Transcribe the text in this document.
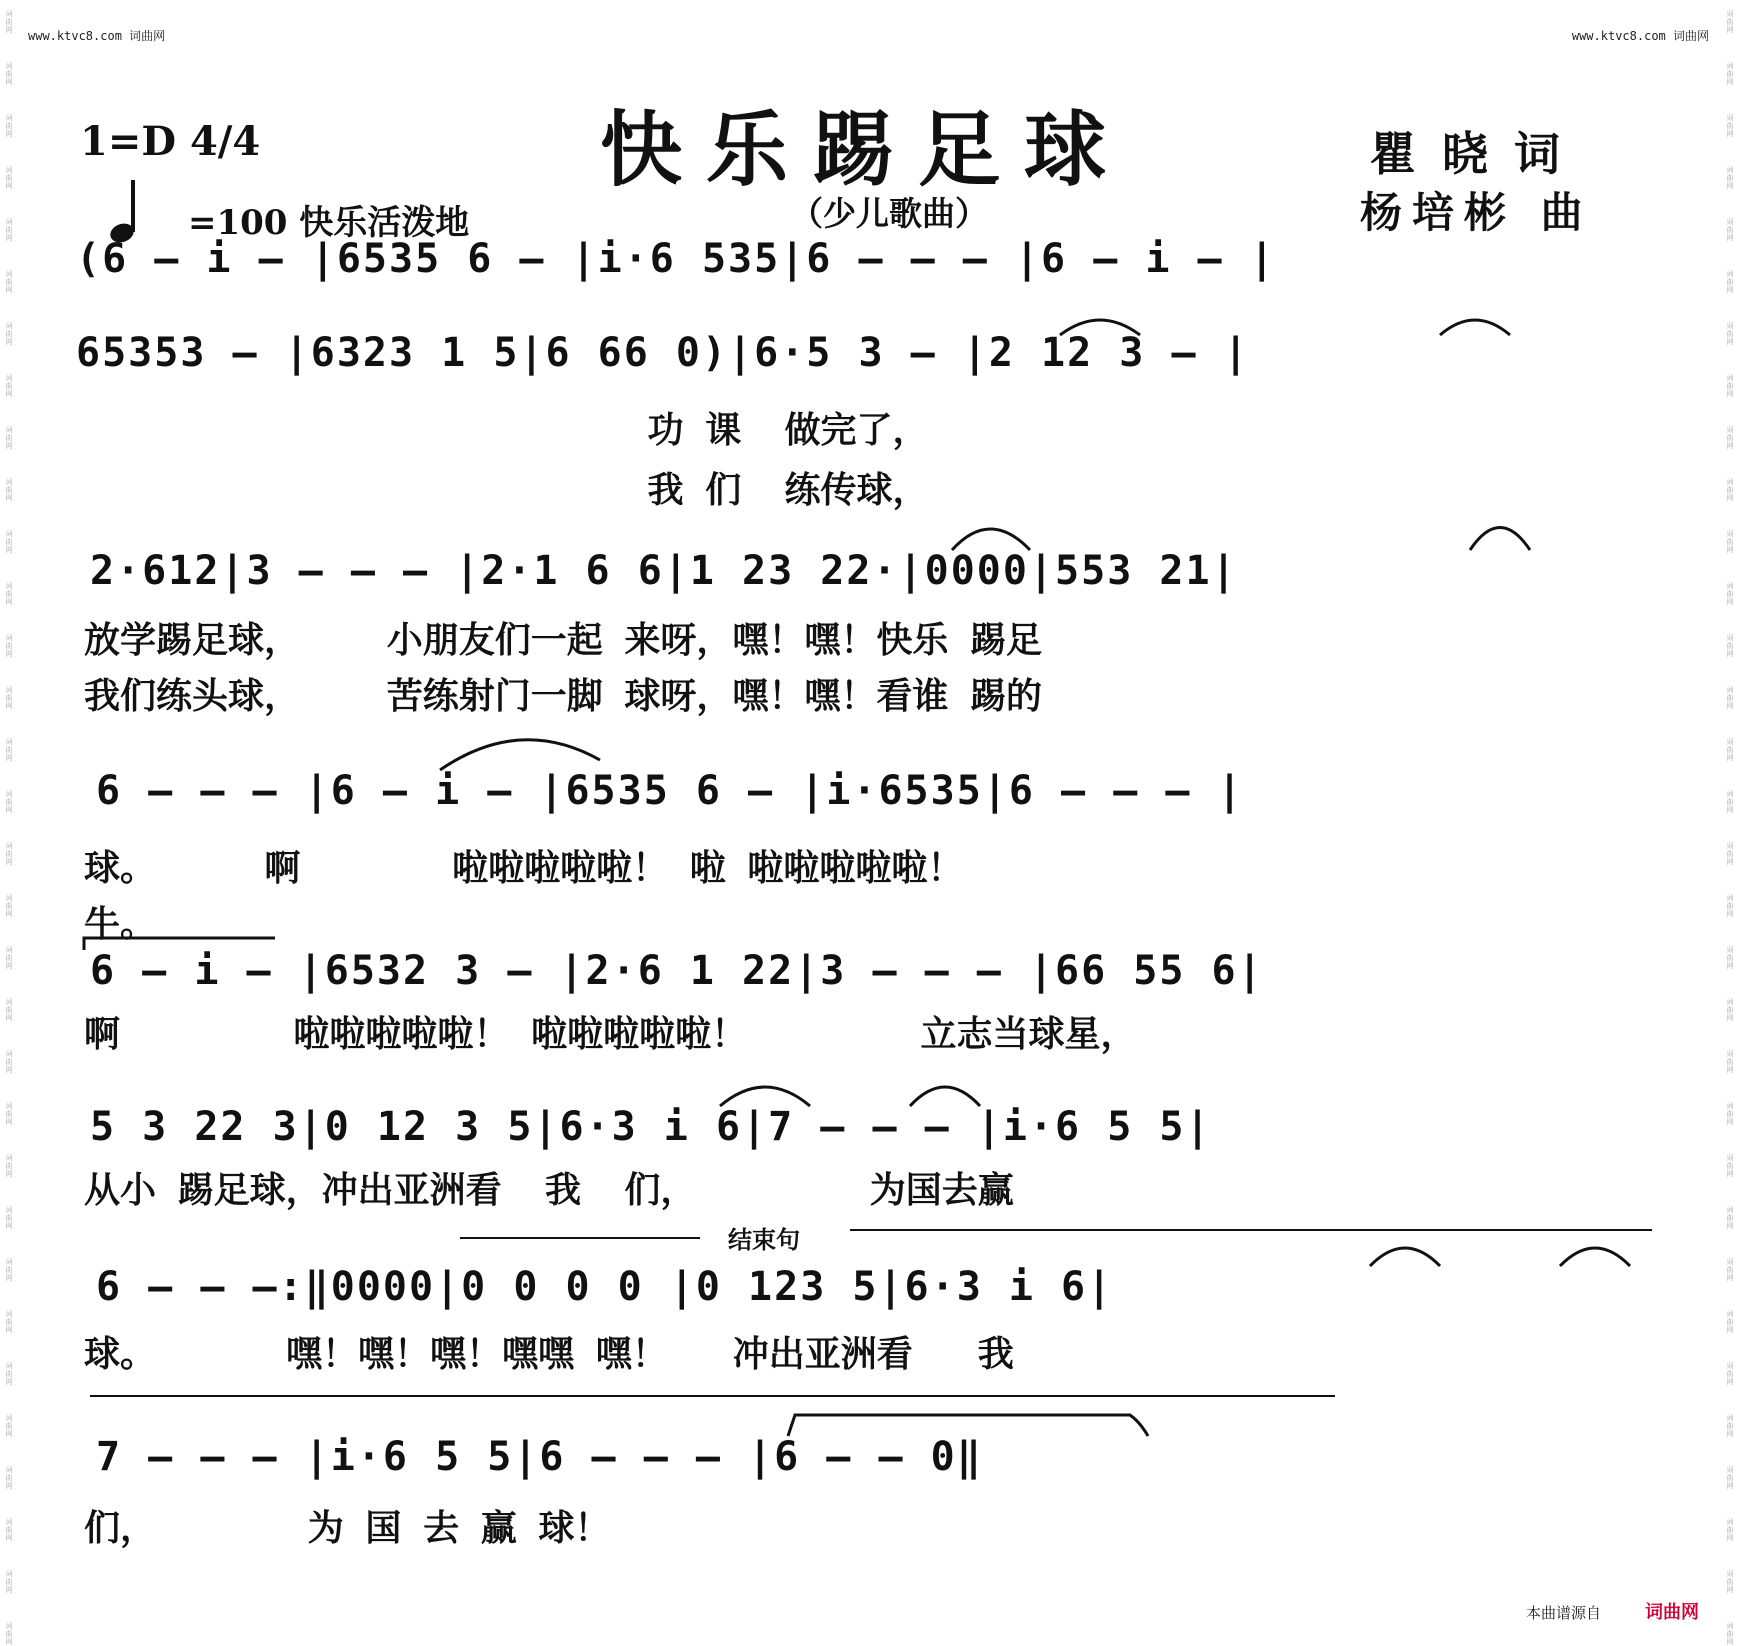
词
曲
网
词
曲
网
词
曲
网
词
曲
网
词
曲
网
词
曲
网
词
曲
网
词
曲
网
词
曲
网
词
曲
网
词
曲
网
词
曲
网
词
曲
网
词
曲
网
词
曲
网
词
曲
网
词
曲
网
词
曲
网
词
曲
网
词
曲
网
词
曲
网
词
曲
网
词
曲
网
词
曲
网
词
曲
网
词
曲
网
词
曲
网
词
曲
网
词
曲
网
词
曲
网
词
曲
网
词
曲
网
词
曲
网
词
曲
网
词
曲
网
词
曲
网
词
曲
网
词
曲
网
词
曲
网
词
曲
网
词
曲
网
词
曲
网
词
曲
网
词
曲
网
词
曲
网
词
曲
网
词
曲
网
词
曲
网
词
曲
网
词
曲
网
词
曲
网
词
曲
网
词
曲
网
词
曲
网
词
曲
网
词
曲
网
词
曲
网
词
曲
网
词
曲
网
词
曲
网
词
曲
网
词
曲
网
词
曲
网
词
曲
网
www.ktvc8.com 词曲网	www.ktvc8.com 词曲网
1=D 4/4	快乐踢足球
（少儿歌曲）
瞿晓词
杨培彬 曲
=100 快乐活泼地
(6 — i — |6535 6 — |i·6 535|6 — — — |6 — i — |
65353 — |6323 1 5|6 66 0)|6·5 3 — |2 12 3 — |
功 课  做完了，
我 们  练传球，
2·612|3 — — — |2·1 6 6|1 23 22·|0000|553 21|
放学踢足球，    小朋友们一起 来呀，嘿！嘿！快乐 踢足
我们练头球，    苦练射门一脚 球呀，嘿！嘿！看谁 踢的
6 — — — |6 — i — |6535 6 — |i·6535|6 — — — |
球。     啊       啦啦啦啦啦！ 啦 啦啦啦啦啦！
牛。
6 — i — |6532 3 — |2·6 1 22|3 — — — |66 55 6|
啊        啦啦啦啦啦！ 啦啦啦啦啦！        立志当球星，
5 3 22 3|0 12 3 5|6·3 i 6|7 — — — |i·6 5 5|
从小 踢足球，冲出亚洲看  我  们，        为国去赢
结束句
6 — — —:‖0000|0 0 0 0 |0 123 5|6·3 i 6|
球。      嘿！嘿！嘿！嘿嘿 嘿！   冲出亚洲看   我
7 — — — |i·6 5 5|6 — — — |6 — — 0‖
们，       为 国 去 赢 球！
本曲谱源自 词曲网
